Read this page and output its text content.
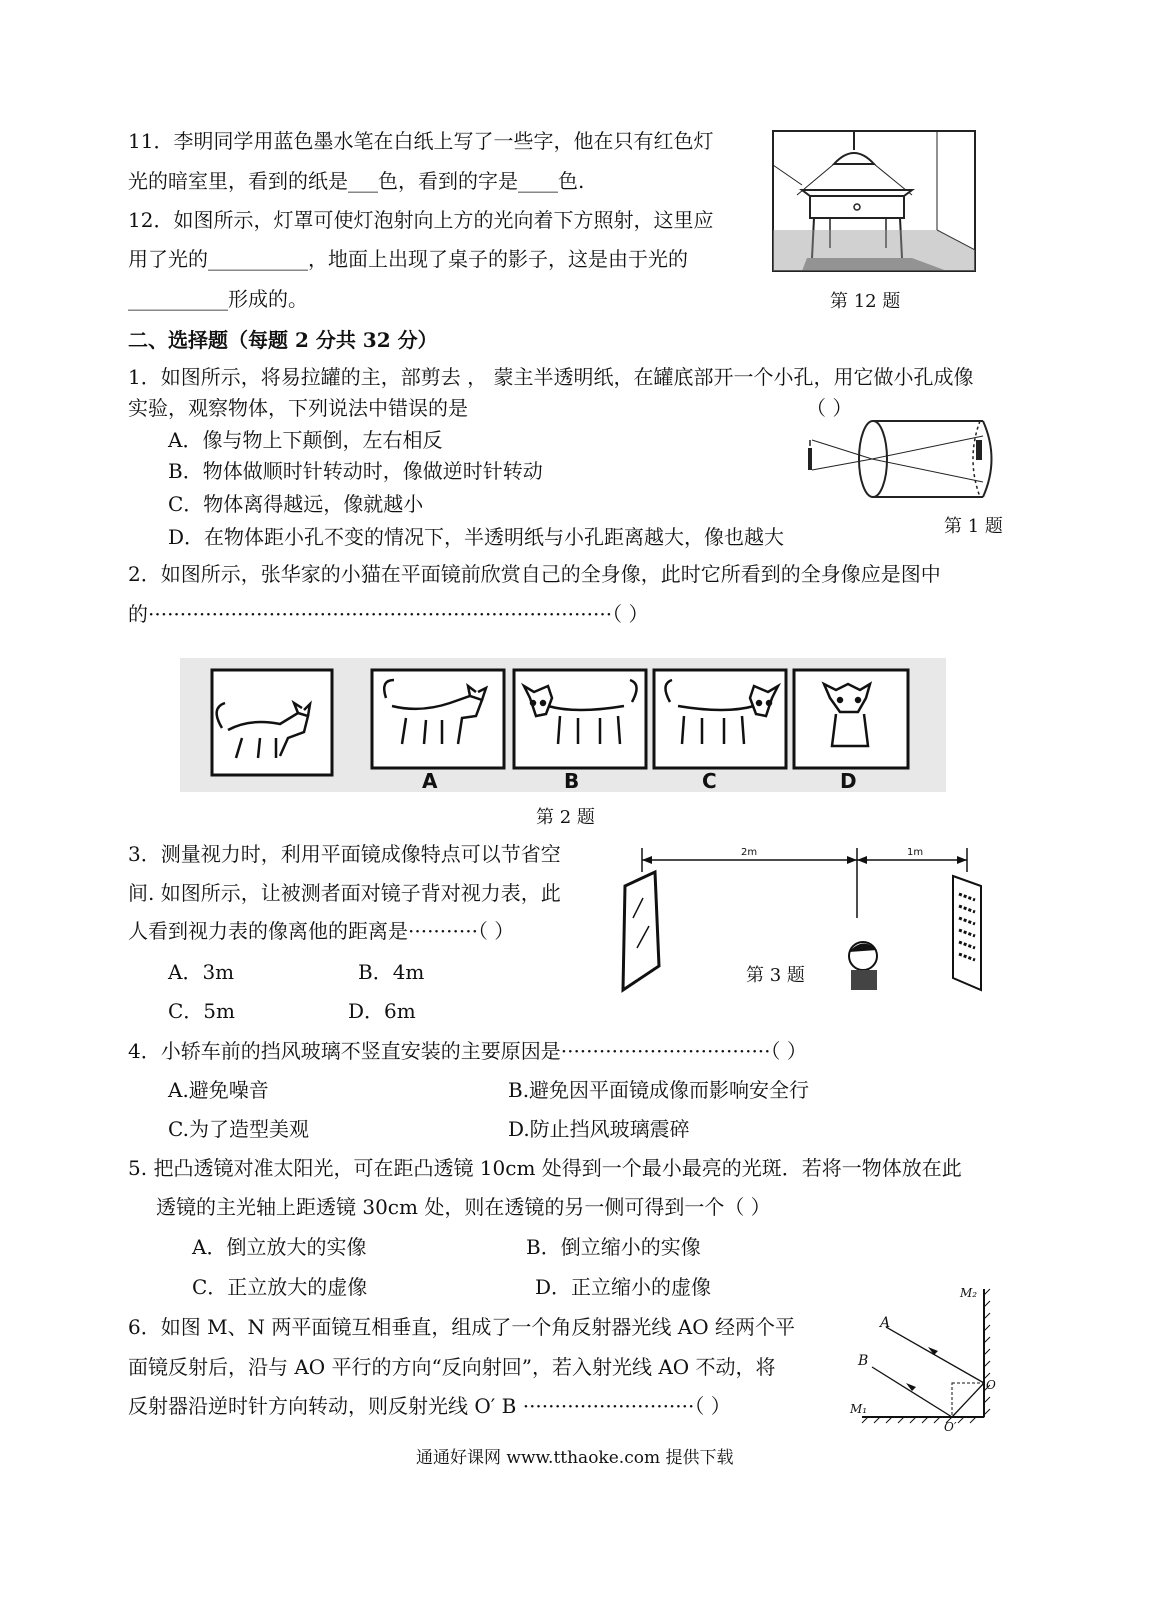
11．李明同学用蓝色墨水笔在白纸上写了一些字，他在只有红色灯
光的暗室里，看到的纸是___色，看到的字是____色.
12．如图所示，灯罩可使灯泡射向上方的光向着下方照射，这里应
用了光的__________，地面上出现了桌子的影子，这是由于光的
__________形成的。	第 12 题
二、选择题（每题 2 分共 32 分）
1．如图所示，将易拉罐的主，部剪去 ， 蒙主半透明纸，在罐底部开一个小孔，用它做小孔成像
实验，观察物体，下列说法中错误的是	（ ）
A．像与物上下颠倒，左右相反
B．物体做顺时针转动时，像做逆时针转动
C．物体离得越远，像就越小
D．在物体距小孔不变的情况下，半透明纸与小孔距离越大，像也越大	第 1 题
2．如图所示，张华家的小猫在平面镜前欣赏自己的全身像，此时它所看到的全身像应是图中
的·········································································（ ）
A	B	C	D
第 2 题
3．测量视力时，利用平面镜成像特点可以节省空
间. 如图所示，让被测者面对镜子背对视力表，此
人看到视力表的像离他的距离是···········（ ）
A．3m	B．4m
C．5m	D．6m
2m	1m
第 3 题
4．小轿车前的挡风玻璃不竖直安装的主要原因是·································（ ）
A.避免噪音	B.避免因平面镜成像而影响安全行
C.为了造型美观	D.防止挡风玻璃震碎
5. 把凸透镜对准太阳光，可在距凸透镜 10cm 处得到一个最小最亮的光斑．若将一物体放在此
透镜的主光轴上距透镜 30cm 处，则在透镜的另一侧可得到一个（ ）
A．倒立放大的实像	B．倒立缩小的实像
C．正立放大的虚像	D．正立缩小的虚像
6．如图 M、N 两平面镜互相垂直，组成了一个角反射器光线 AO 经两个平
面镜反射后，沿与 AO 平行的方向“反向射回”，若入射光线 AO 不动，将
反射器沿逆时针方向转动，则反射光线 O′ B ···························（ ）
M₂
A
B
M₁
O
O′
通通好课网 www.tthaoke.com 提供下载
